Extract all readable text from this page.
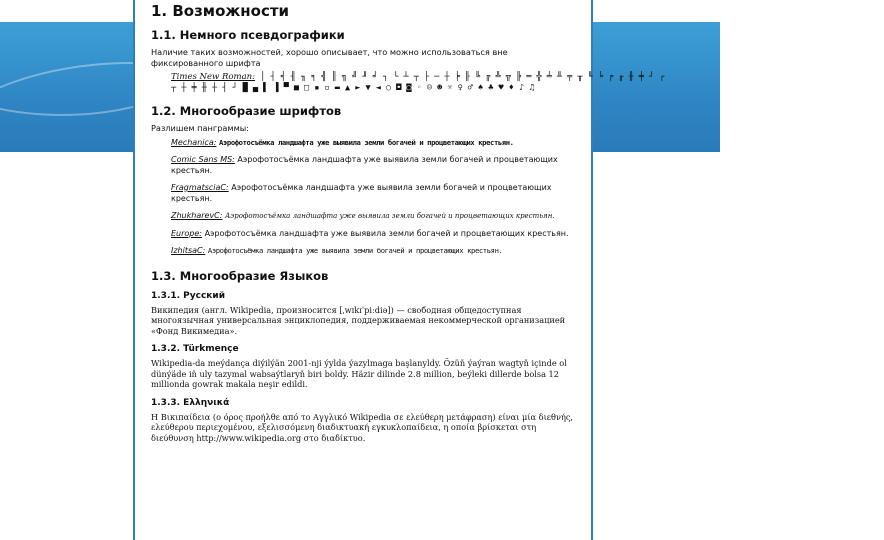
1. Возможности
1.1. Немного псевдографики

Наличие таких возможностей, хорошо описывает, что можно использоваться вне фиксированного шрифта

Times New Roman: │ ┤ ╡ ╢ ╖ ╕ ╣ ║ ╗ ╝ ╜ ╛ ┐ └ ┴ ┬ ├ ─ ┼ ╞ ╟ ╚ ╔ ╩ ╦ ╠ ═ ╬ ╧ ╨ ╤ ╥ ╙ ╘ ╒ ╓ ╫ ╪ ┘ ┌
┬ ┼ ╪ ╫ ┼ ┤ ┘ █ ▄ ▌ ▐ ▀ ■ □ ▪ ▫ ▬ ▲ ► ▼ ◄ ○ ◘ ◙ ◦ ☺ ☻ ☼ ♀ ♂ ♠ ♣ ♥ ♦ ♪ ♫
1.2. Многообразие шрифтов

Разлишем панграммы:

Mechanica: Аэрофотосъёмка ландшафта уже выявила земли богачей и процветающих крестьян.
Comic Sans MS: Аэрофотосъёмка ландшафта уже выявила земли богачей и процветающих крестьян.
FragmatsciaC: Аэрофотосъёмка ландшафта уже выявила земли богачей и процветающих крестьян.
ZhukharevC: Аэрофотосъёмка ландшафта уже выявила земли богачей и процветающих крестьян.
Europe: Аэрофотосъёмка ландшафта уже выявила земли богачей и процветающих крестьян.
IzhitsaC: Аэрофотосъёмка ландшафта уже выявила земли богачей и процветающих крестьян.
1.3. Многообразие Языков
1.3.1. Русский

Википедия (англ. Wikipedia, произносится [ˌwɪkɪˈpiːdiə]) — свободная общедоступная многоязычная универсальная энциклопедия, поддерживаемая некоммерческой организацией «Фонд Викимедиа».

1.3.2. Türkmençe

Wikipedia-da meýdança diýilýän 2001-nji ýylda ýazylmaga başlanyldy. Özüň ýaýran wagtyň içinde ol dünýäde iň uly tazymal wabsaýtlaryň biri boldy. Häzir dilinde 2.8 million, beýleki dillerde bolsa 12 millionda gowrak makala neşir edildi.

1.3.3. Ελληνικά

Η Βικιπαίδεια (ο όρος προήλθε από το Αγγλικό Wikipedia σε ελεύθερη μετάφραση) είναι μία διεθνής, ελεύθερου περιεχομένου, εξελισσόμενη διαδικτυακή εγκυκλοπαίδεια, η οποία βρίσκεται στη διεύθυνση http://www.wikipedia.org στο διαδίκτυο.
